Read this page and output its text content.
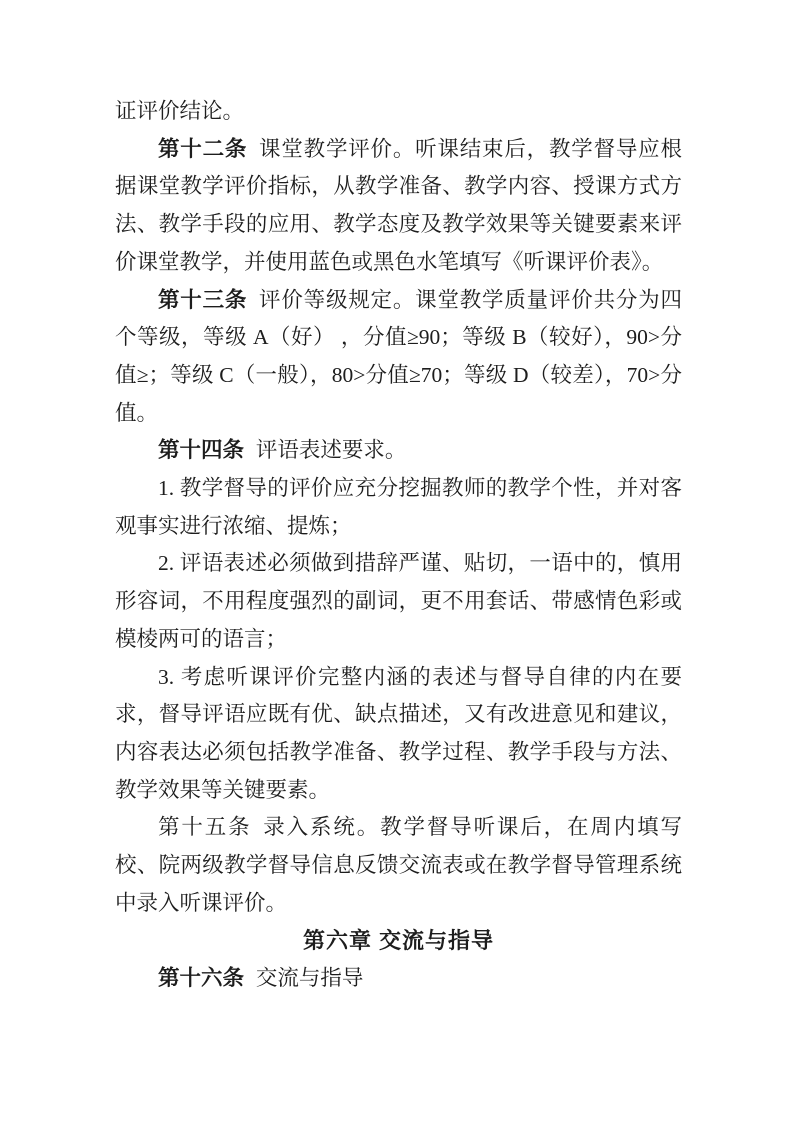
证评价结论。

第十二条 课堂教学评价。听课结束后，教学督导应根据课堂教学评价指标，从教学准备、教学内容、授课方式方法、教学手段的应用、教学态度及教学效果等关键要素来评价课堂教学，并使用蓝色或黑色水笔填写《听课评价表》。

第十三条 评价等级规定。课堂教学质量评价共分为四个等级，等级 A（好） ，分值≥90；等级 B（较好），90>分值≥；等级 C（一般），80>分值≥70；等级 D（较差），70>分值。

第十四条 评语表述要求。

1. 教学督导的评价应充分挖掘教师的教学个性，并对客观事实进行浓缩、提炼；

2. 评语表述必须做到措辞严谨、贴切，一语中的，慎用形容词，不用程度强烈的副词，更不用套话、带感情色彩或模棱两可的语言；

3. 考虑听课评价完整内涵的表述与督导自律的内在要求，督导评语应既有优、缺点描述，又有改进意见和建议，内容表达必须包括教学准备、教学过程、教学手段与方法、教学效果等关键要素。

第十五条 录入系统。教学督导听课后，在周内填写校、院两级教学督导信息反馈交流表或在教学督导管理系统中录入听课评价。

第六章 交流与指导

第十六条 交流与指导
